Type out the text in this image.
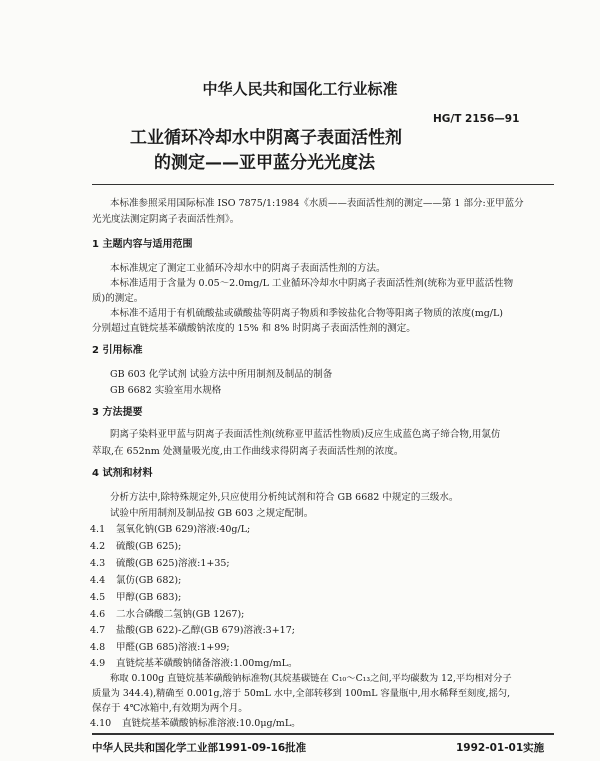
中华人民共和国化工行业标准
HG/T 2156—91
工业循环冷却水中阴离子表面活性剂
的测定——亚甲蓝分光光度法
本标准参照采用国际标准 ISO 7875/1:1984《水质——表面活性剂的测定——第 1 部分:亚甲蓝分
光光度法测定阴离子表面活性剂》。
1 主题内容与适用范围
本标准规定了测定工业循环冷却水中的阴离子表面活性剂的方法。
本标准适用于含量为 0.05～2.0mg/L 工业循环冷却水中阴离子表面活性剂(统称为亚甲蓝活性物
质)的测定。
本标准不适用于有机硫酸盐或磺酸盐等阴离子物质和季铵盐化合物等阳离子物质的浓度(mg/L)
分别超过直链烷基苯磺酸钠浓度的 15% 和 8% 时阴离子表面活性剂的测定。
2 引用标准
GB 603 化学试剂 试验方法中所用制剂及制品的制备
GB 6682 实验室用水规格
3 方法提要
阴离子染料亚甲蓝与阴离子表面活性剂(统称亚甲蓝活性物质)反应生成蓝色离子缔合物,用氯仿
萃取,在 652nm 处测量吸光度,由工作曲线求得阴离子表面活性剂的浓度。
4 试剂和材料
分析方法中,除特殊规定外,只应使用分析纯试剂和符合 GB 6682 中规定的三级水。
试验中所用制剂及制品按 GB 603 之规定配制。
4.1 氢氧化钠(GB 629)溶液:40g/L;
4.2 硫酸(GB 625);
4.3 硫酸(GB 625)溶液:1+35;
4.4 氯仿(GB 682);
4.5 甲醇(GB 683);
4.6 二水合磷酸二氢钠(GB 1267);
4.7 盐酸(GB 622)-乙醇(GB 679)溶液:3+17;
4.8 甲醛(GB 685)溶液:1+99;
4.9 直链烷基苯磺酸钠储备溶液:1.00mg/mL。
称取 0.100g 直链烷基苯磺酸钠标准物(其烷基碳链在 C₁₀～C₁₃之间,平均碳数为 12,平均相对分子
质量为 344.4),精确至 0.001g,溶于 50mL 水中,全部转移到 100mL 容量瓶中,用水稀释至刻度,摇匀,
保存于 4℃冰箱中,有效期为两个月。
4.10 直链烷基苯磺酸钠标准溶液:10.0μg/mL。
中华人民共和国化学工业部1991-09-16批准	1992-01-01实施
